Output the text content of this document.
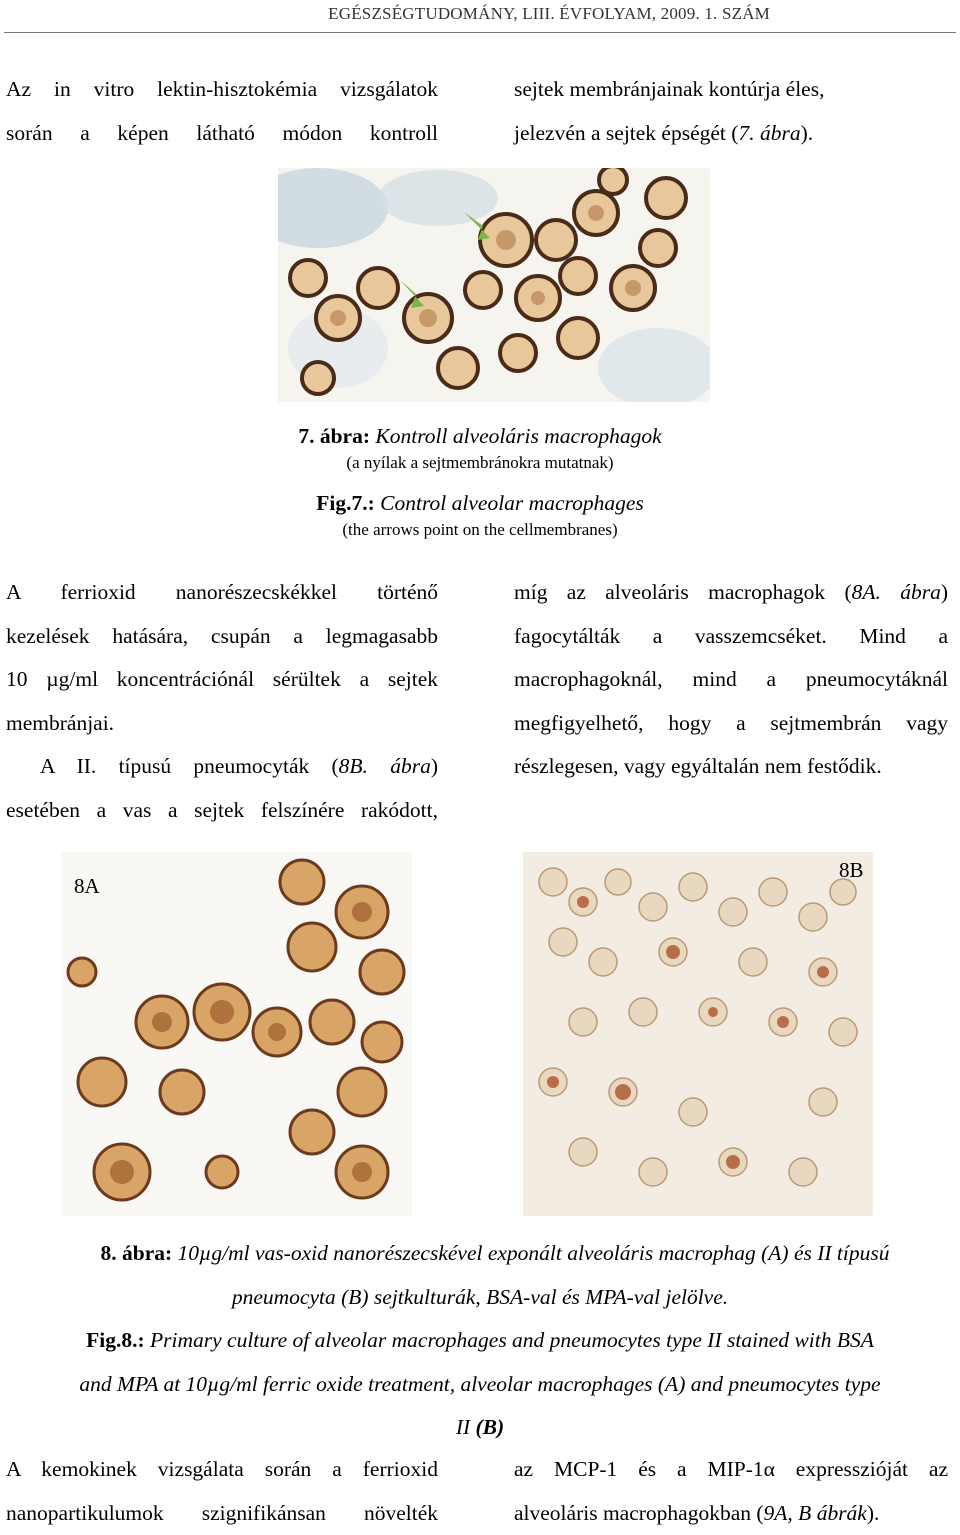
EGÉSZSÉGTUDOMÁNY, LIII. ÉVFOLYAM, 2009. 1. SZÁM
Az in vitro lektin-hisztokémia vizsgálatok
során a képen látható módon kontroll
sejtek membránjainak kontúrja éles,
jelezvén a sejtek épségét (7. ábra).
7. ábra: Kontroll alveoláris macrophagok
(a nyílak a sejtmembránokra mutatnak)
Fig.7.: Control alveolar macrophages
(the arrows point on the cellmembranes)
A ferrioxid nanorészecskékkel történő
kezelések hatására, csupán a legmagasabb
10 µg/ml koncentrációnál sérültek a sejtek
membránjai.
A II. típusú pneumocyták (8B. ábra)
esetében a vas a sejtek felszínére rakódott,
míg az alveoláris macrophagok (8A. ábra)
fagocytálták a vasszemcséket. Mind a
macrophagoknál, mind a pneumocytáknál
megfigyelhető, hogy a sejtmembrán vagy
részlegesen, vagy egyáltalán nem festődik.
8A
8B
8. ábra: 10µg/ml vas-oxid nanorészecskével exponált alveoláris macrophag (A) és II típusú
pneumocyta (B) sejtkulturák, BSA-val és MPA-val jelölve.
Fig.8.: Primary culture of alveolar macrophages and pneumocytes type II stained with BSA
and MPA at 10µg/ml ferric oxide treatment, alveolar macrophages (A) and pneumocytes type
II (B)
A kemokinek vizsgálata során a ferrioxid
nanopartikulumok szignifikánsan növelték
az MCP-1 és a MIP-1α expresszióját az
alveoláris macrophagokban (9A, B ábrák).
